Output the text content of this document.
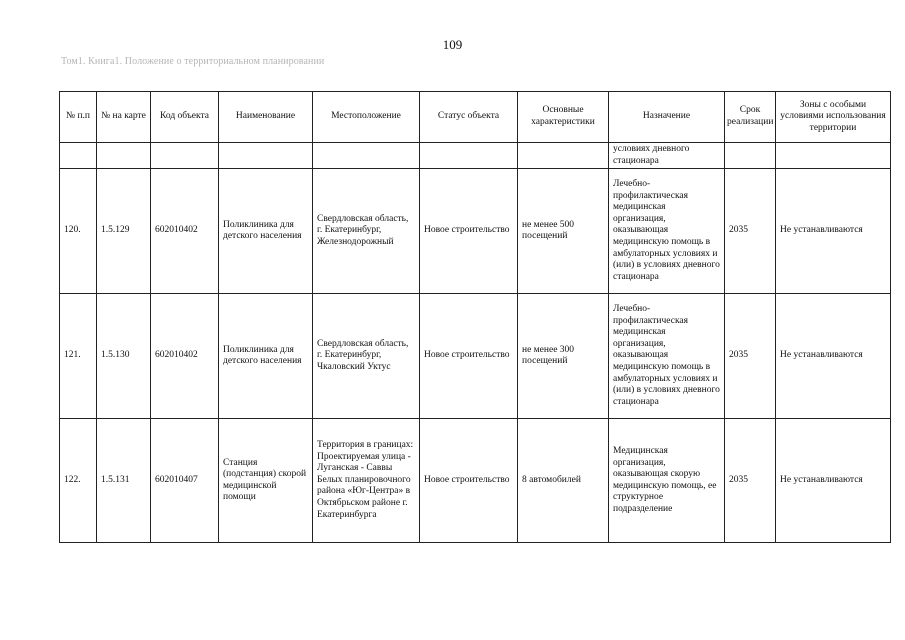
109
Том1. Книга1. Положение о территориальном планировании
№ п.п	№ на карте	Код объекта	Наименование	Местоположение	Статус объекта	Основные характеристики	Назначение	Срок реализации	Зоны с особыми условиями использования территории
							условиях дневного стационара		
120.	1.5.129	602010402	Поликлиника для детского населения	Свердловская область, г. Екатеринбург, Железнодорожный	Новое строительство	не менее 500 посещений	Лечебно-профилактическая медицинская организация, оказывающая медицинскую помощь в амбулаторных условиях и (или) в условиях дневного стационара	2035	Не устанавливаются
121.	1.5.130	602010402	Поликлиника для детского населения	Свердловская область, г. Екатеринбург, Чкаловский Уктус	Новое строительство	не менее 300 посещений	Лечебно-профилактическая медицинская организация, оказывающая медицинскую помощь в амбулаторных условиях и (или) в условиях дневного стационара	2035	Не устанавливаются
122.	1.5.131	602010407	Станция (подстанция) скорой медицинской помощи	Территория в границах: Проектируемая улица - Луганская - Саввы Белых планировочного района «Юг-Центра» в Октябрьском районе г. Екатеринбурга	Новое строительство	8 автомобилей	Медицинская организация, оказывающая скорую медицинскую помощь, ее структурное подразделение	2035	Не устанавливаются
